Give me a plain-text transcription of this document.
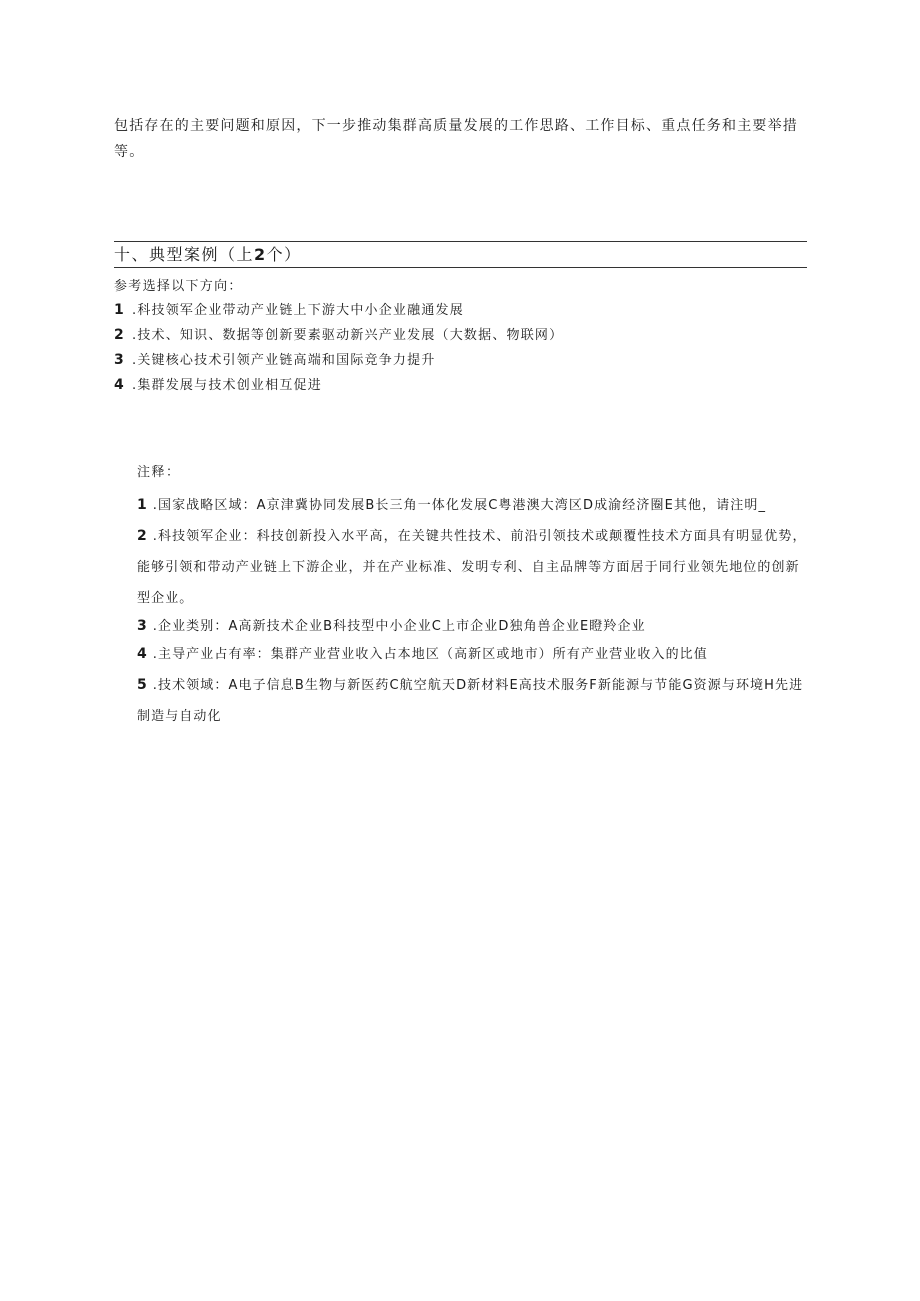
包括存在的主要问题和原因，下一步推动集群高质量发展的工作思路、工作目标、重点任务和主要举措等。
十、典型案例（上2个）
参考选择以下方向：
1 .科技领军企业带动产业链上下游大中小企业融通发展
2 .技术、知识、数据等创新要素驱动新兴产业发展（大数据、物联网）
3 .关键核心技术引领产业链高端和国际竞争力提升
4 .集群发展与技术创业相互促进
注释：
1 .国家战略区域：A京津冀协同发展B长三角一体化发展C粤港澳大湾区D成渝经济圈E其他，请注明_
2 .科技领军企业：科技创新投入水平高，在关键共性技术、前沿引领技术或颠覆性技术方面具有明显优势，能够引领和带动产业链上下游企业，并在产业标准、发明专利、自主品牌等方面居于同行业领先地位的创新型企业。
3 .企业类别：A高新技术企业B科技型中小企业C上市企业D独角兽企业E瞪羚企业
4 .主导产业占有率：集群产业营业收入占本地区（高新区或地市）所有产业营业收入的比值
5 .技术领域：A电子信息B生物与新医药C航空航天D新材料E高技术服务F新能源与节能G资源与环境H先进制造与自动化
